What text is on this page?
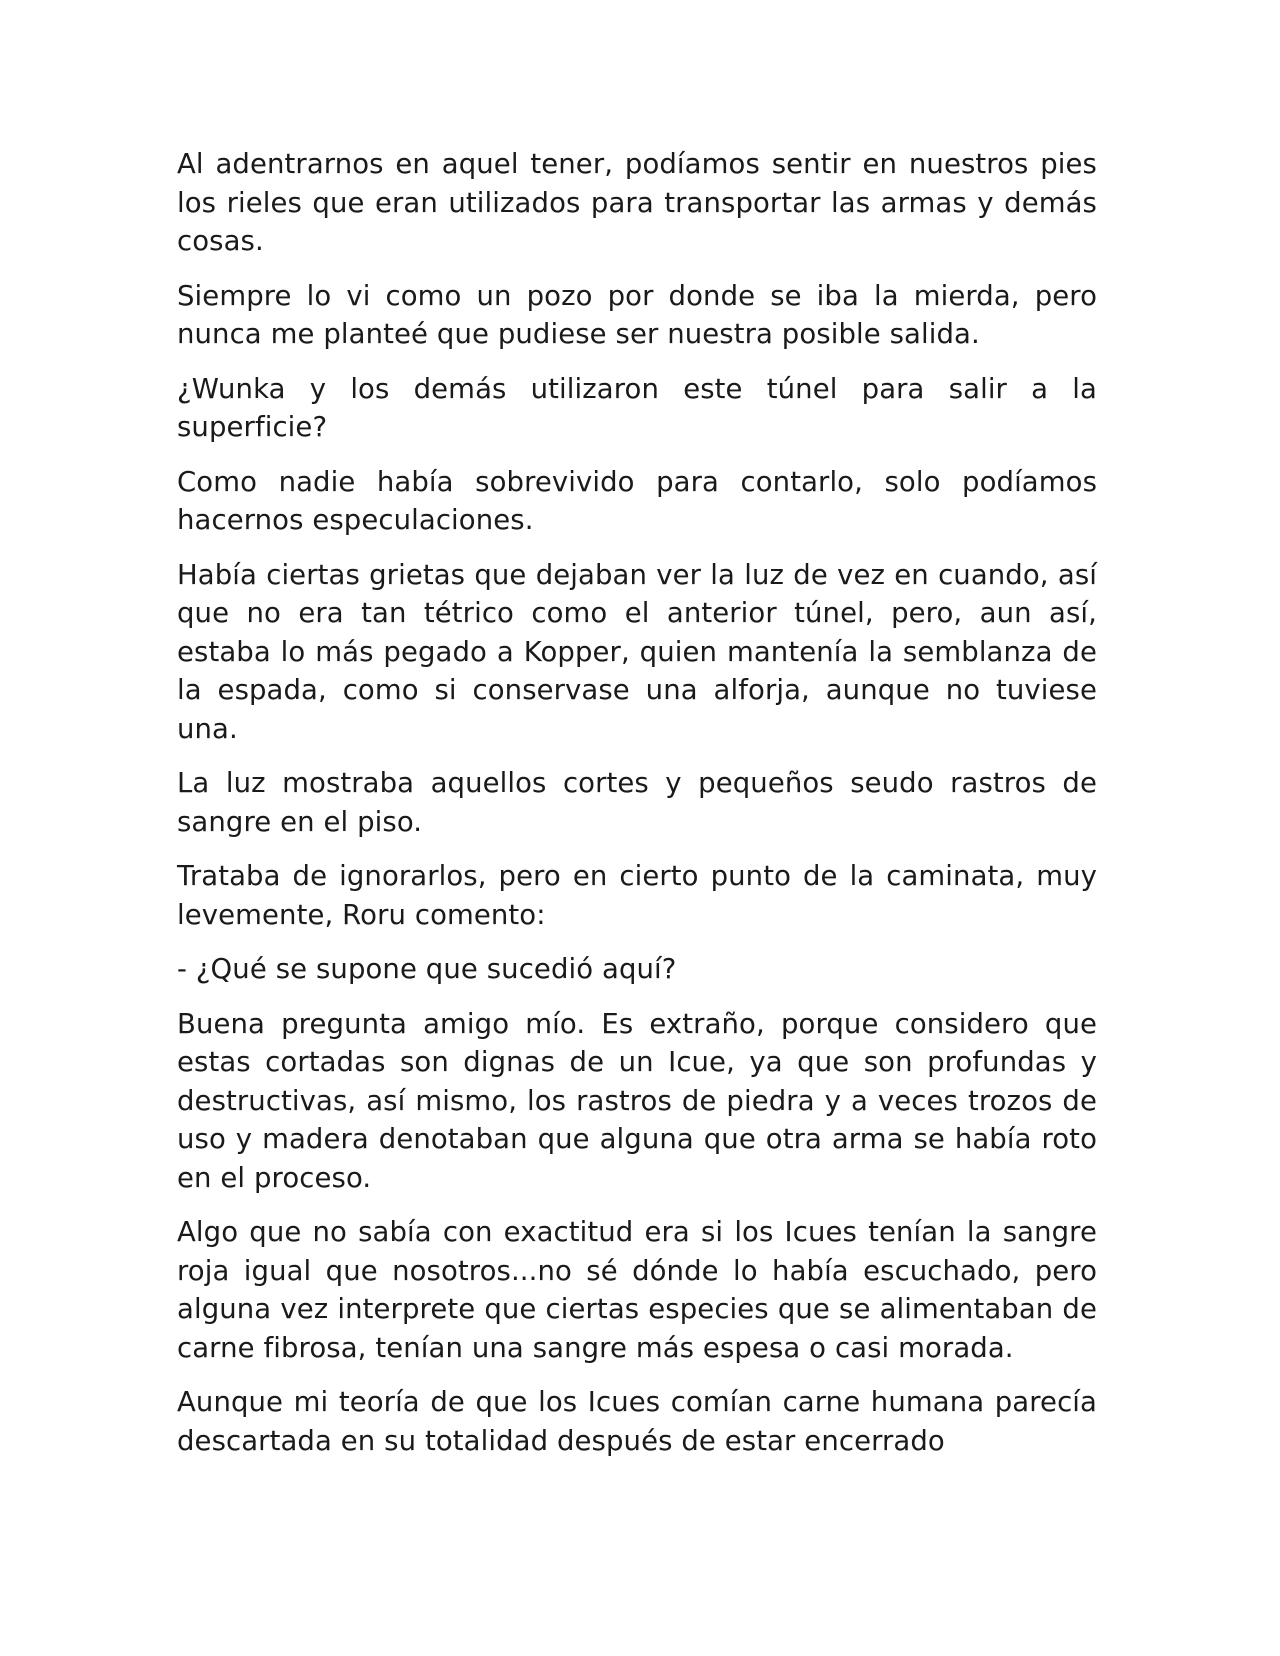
Al adentrarnos en aquel tener, podíamos sentir en nuestros pies los rieles que eran utilizados para transportar las armas y demás cosas.

Siempre lo vi como un pozo por donde se iba la mierda, pero nunca me planteé que pudiese ser nuestra posible salida.

¿Wunka y los demás utilizaron este túnel para salir a la superficie?

Como nadie había sobrevivido para contarlo, solo podíamos hacernos especulaciones.

Había ciertas grietas que dejaban ver la luz de vez en cuando, así que no era tan tétrico como el anterior túnel, pero, aun así, estaba lo más pegado a Kopper, quien mantenía la semblanza de la espada, como si conservase una alforja, aunque no tuviese una.

La luz mostraba aquellos cortes y pequeños seudo rastros de sangre en el piso.

Trataba de ignorarlos, pero en cierto punto de la caminata, muy levemente, Roru comento:

- ¿Qué se supone que sucedió aquí?

Buena pregunta amigo mío. Es extraño, porque considero que estas cortadas son dignas de un Icue, ya que son profundas y destructivas, así mismo, los rastros de piedra y a veces trozos de uso y madera denotaban que alguna que otra arma se había roto en el proceso.

Algo que no sabía con exactitud era si los Icues tenían la sangre roja igual que nosotros...no sé dónde lo había escuchado, pero alguna vez interprete que ciertas especies que se alimentaban de carne fibrosa, tenían una sangre más espesa o casi morada.

Aunque mi teoría de que los Icues comían carne humana parecía descartada en su totalidad después de estar encerrado
